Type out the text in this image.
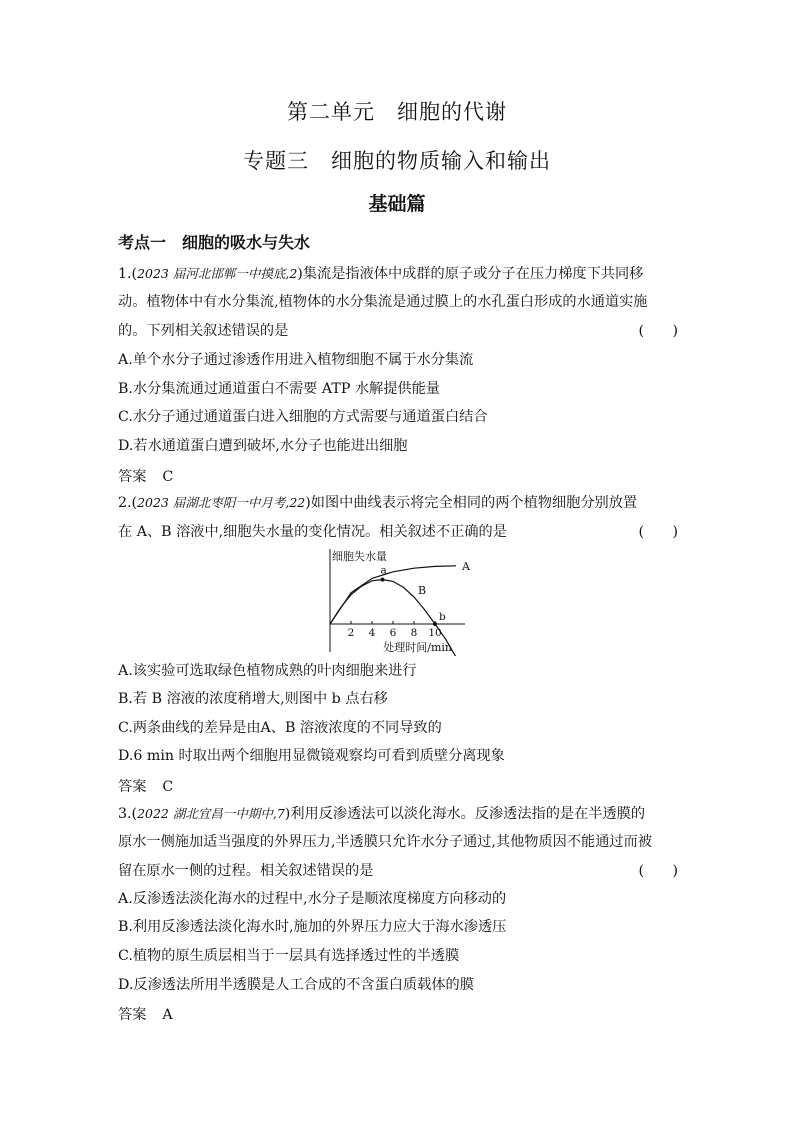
第二单元　细胞的代谢
专题三　细胞的物质输入和输出
基础篇
考点一　细胞的吸水与失水
1.(2023 届河北邯郸一中摸底,2)集流是指液体中成群的原子或分子在压力梯度下共同移
动。植物体中有水分集流,植物体的水分集流是通过膜上的水孔蛋白形成的水通道实施
的。下列相关叙述错误的是	(　　)
A.单个水分子通过渗透作用进入植物细胞不属于水分集流
B.水分集流通过通道蛋白不需要 ATP 水解提供能量
C.水分子通过通道蛋白进入细胞的方式需要与通道蛋白结合
D.若水通道蛋白遭到破坏,水分子也能进出细胞
答案 C
2.(2023 届湖北枣阳一中月考,22)如图中曲线表示将完全相同的两个植物细胞分别放置
在 A、B 溶液中,细胞失水量的变化情况。相关叙述不正确的是	(　　)
细胞失水量
2 4 6 8 10
处理时间/min
A
B
a
b
A.该实验可选取绿色植物成熟的叶肉细胞来进行
B.若 B 溶液的浓度稍增大,则图中 b 点右移
C.两条曲线的差异是由A、B 溶液浓度的不同导致的
D.6 min 时取出两个细胞用显微镜观察均可看到质壁分离现象
答案 C
3.(2022 湖北宜昌一中期中,7)利用反渗透法可以淡化海水。反渗透法指的是在半透膜的
原水一侧施加适当强度的外界压力,半透膜只允许水分子通过,其他物质因不能通过而被
留在原水一侧的过程。相关叙述错误的是	(　　)
A.反渗透法淡化海水的过程中,水分子是顺浓度梯度方向移动的
B.利用反渗透法淡化海水时,施加的外界压力应大于海水渗透压
C.植物的原生质层相当于一层具有选择透过性的半透膜
D.反渗透法所用半透膜是人工合成的不含蛋白质载体的膜
答案 A
